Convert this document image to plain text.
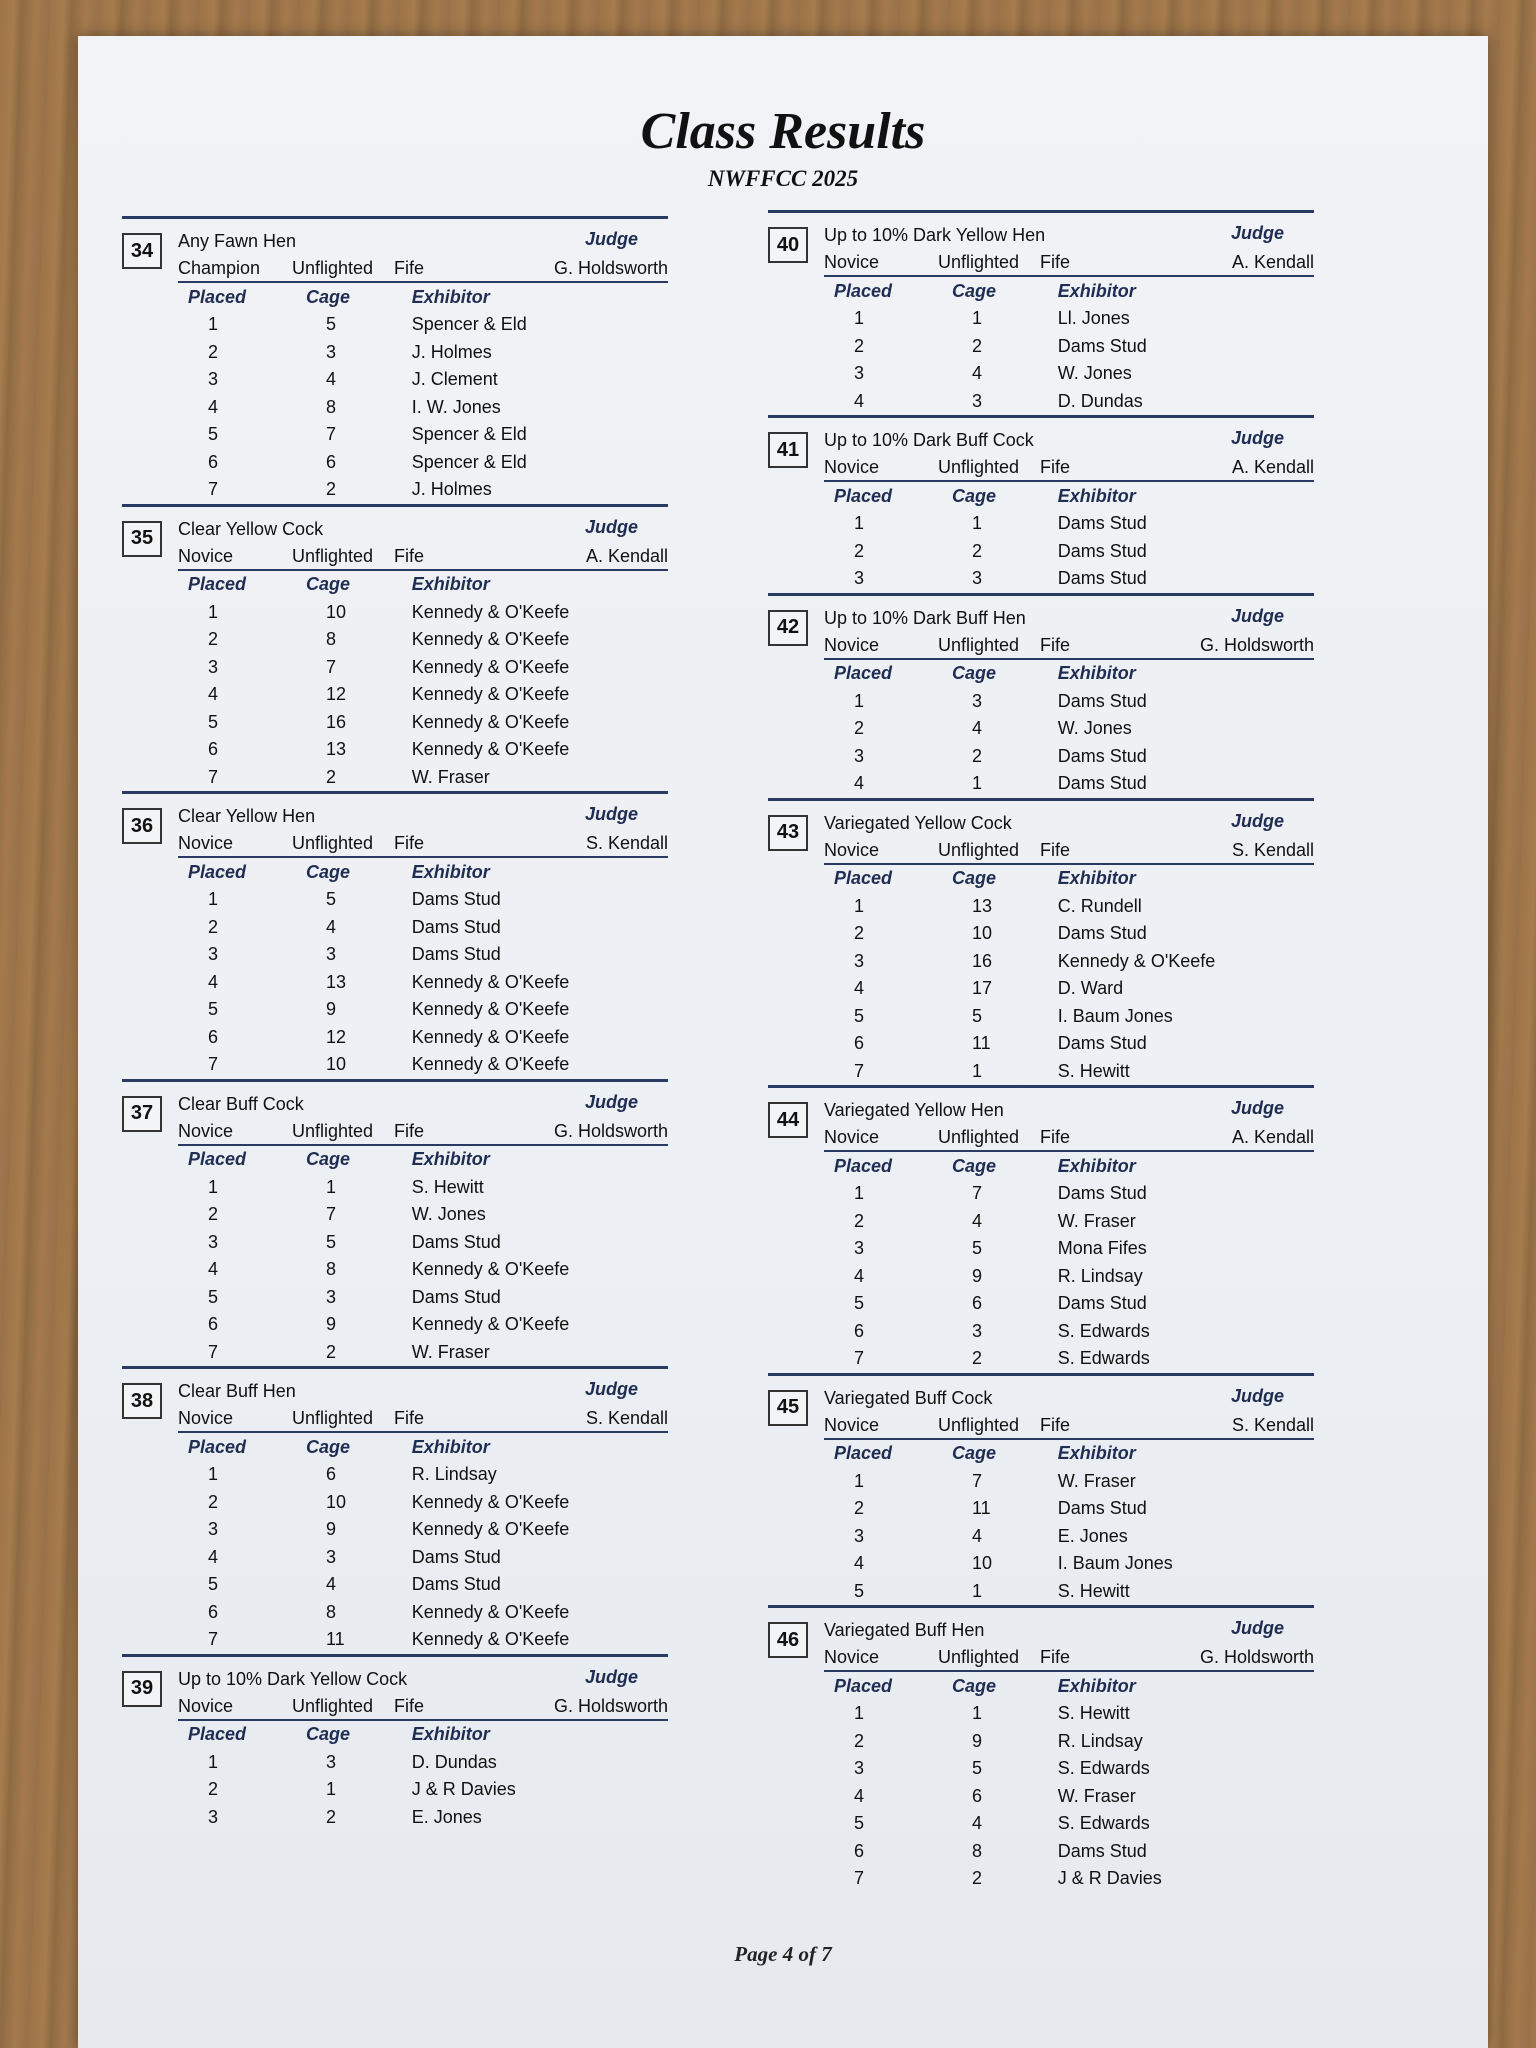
Class Results
NWFFCC 2025
34	Any Fawn Hen	Judge
Champion Unflighted Fife	G. Holdsworth
Placed	Cage	Exhibitor
1	5	Spencer & Eld
2	3	J. Holmes
3	4	J. Clement
4	8	I. W. Jones
5	7	Spencer & Eld
6	6	Spencer & Eld
7	2	J. Holmes
35	Clear Yellow Cock	Judge
Novice	Unflighted Fife	A. Kendall
Placed	Cage	Exhibitor
1	10	Kennedy & O'Keefe
2	8	Kennedy & O'Keefe
3	7	Kennedy & O'Keefe
4	12	Kennedy & O'Keefe
5	16	Kennedy & O'Keefe
6	13	Kennedy & O'Keefe
7	2	W. Fraser
36	Clear Yellow Hen	Judge
Novice	Unflighted Fife	S. Kendall
Placed	Cage	Exhibitor
1	5	Dams Stud
2	4	Dams Stud
3	3	Dams Stud
4	13	Kennedy & O'Keefe
5	9	Kennedy & O'Keefe
6	12	Kennedy & O'Keefe
7	10	Kennedy & O'Keefe
37	Clear Buff Cock	Judge
Novice	Unflighted Fife	G. Holdsworth
Placed	Cage	Exhibitor
1	1	S. Hewitt
2	7	W. Jones
3	5	Dams Stud
4	8	Kennedy & O'Keefe
5	3	Dams Stud
6	9	Kennedy & O'Keefe
7	2	W. Fraser
38	Clear Buff Hen	Judge
Novice	Unflighted Fife	S. Kendall
Placed	Cage	Exhibitor
1	6	R. Lindsay
2	10	Kennedy & O'Keefe
3	9	Kennedy & O'Keefe
4	3	Dams Stud
5	4	Dams Stud
6	8	Kennedy & O'Keefe
7	11	Kennedy & O'Keefe
39	Up to 10% Dark Yellow Cock	Judge
Novice	Unflighted Fife	G. Holdsworth
Placed	Cage	Exhibitor
1	3	D. Dundas
2	1	J & R Davies
3	2	E. Jones
40	Up to 10% Dark Yellow Hen	Judge
Novice	Unflighted Fife	A. Kendall
Placed	Cage	Exhibitor
1	1	Ll. Jones
2	2	Dams Stud
3	4	W. Jones
4	3	D. Dundas
41	Up to 10% Dark Buff Cock	Judge
Novice	Unflighted Fife	A. Kendall
Placed	Cage	Exhibitor
1	1	Dams Stud
2	2	Dams Stud
3	3	Dams Stud
42	Up to 10% Dark Buff Hen	Judge
Novice	Unflighted Fife	G. Holdsworth
Placed	Cage	Exhibitor
1	3	Dams Stud
2	4	W. Jones
3	2	Dams Stud
4	1	Dams Stud
43	Variegated Yellow Cock	Judge
Novice	Unflighted Fife	S. Kendall
Placed	Cage	Exhibitor
1	13	C. Rundell
2	10	Dams Stud
3	16	Kennedy & O'Keefe
4	17	D. Ward
5	5	I. Baum Jones
6	11	Dams Stud
7	1	S. Hewitt
44	Variegated Yellow Hen	Judge
Novice	Unflighted Fife	A. Kendall
Placed	Cage	Exhibitor
1	7	Dams Stud
2	4	W. Fraser
3	5	Mona Fifes
4	9	R. Lindsay
5	6	Dams Stud
6	3	S. Edwards
7	2	S. Edwards
45	Variegated Buff Cock	Judge
Novice	Unflighted Fife	S. Kendall
Placed	Cage	Exhibitor
1	7	W. Fraser
2	11	Dams Stud
3	4	E. Jones
4	10	I. Baum Jones
5	1	S. Hewitt
46	Variegated Buff Hen	Judge
Novice	Unflighted Fife	G. Holdsworth
Placed	Cage	Exhibitor
1	1	S. Hewitt
2	9	R. Lindsay
3	5	S. Edwards
4	6	W. Fraser
5	4	S. Edwards
6	8	Dams Stud
7	2	J & R Davies
Page 4 of 7
